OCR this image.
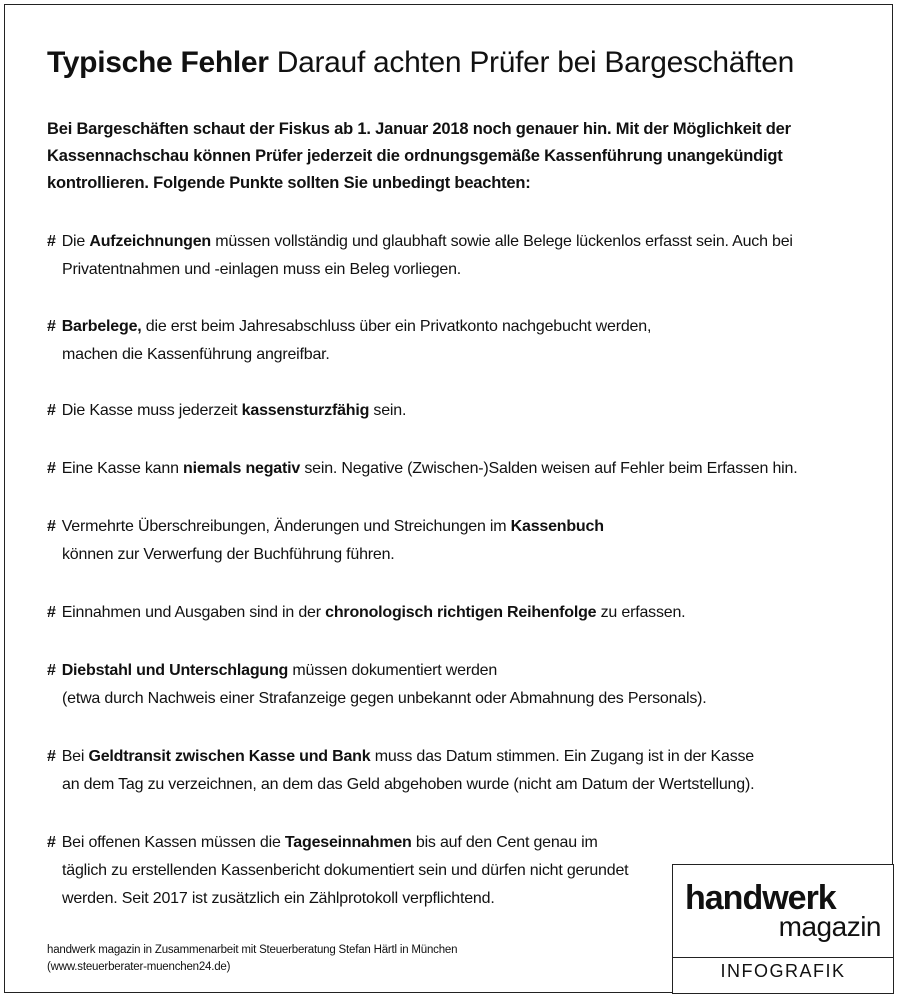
Typische Fehler Darauf achten Prüfer bei Bargeschäften
Bei Bargeschäften schaut der Fiskus ab 1. Januar 2018 noch genauer hin. Mit der Möglichkeit der
Kassennachschau können Prüfer jederzeit die ordnungsgemäße Kassenführung unangekündigt
kontrollieren. Folgende Punkte sollten Sie unbedingt beachten:
# Die Aufzeichnungen müssen vollständig und glaubhaft sowie alle Belege lückenlos erfasst sein. Auch bei
Privatentnahmen und -einlagen muss ein Beleg vorliegen.
# Barbelege, die erst beim Jahresabschluss über ein Privatkonto nachgebucht werden,
machen die Kassenführung angreifbar.
# Die Kasse muss jederzeit kassensturzfähig sein.
# Eine Kasse kann niemals negativ sein. Negative (Zwischen-)Salden weisen auf Fehler beim Erfassen hin.
# Vermehrte Überschreibungen, Änderungen und Streichungen im Kassenbuch
können zur Verwerfung der Buchführung führen.
# Einnahmen und Ausgaben sind in der chronologisch richtigen Reihenfolge zu erfassen.
# Diebstahl und Unterschlagung müssen dokumentiert werden
(etwa durch Nachweis einer Strafanzeige gegen unbekannt oder Abmahnung des Personals).
# Bei Geldtransit zwischen Kasse und Bank muss das Datum stimmen. Ein Zugang ist in der Kasse
an dem Tag zu verzeichnen, an dem das Geld abgehoben wurde (nicht am Datum der Wertstellung).
# Bei offenen Kassen müssen die Tageseinnahmen bis auf den Cent genau im
täglich zu erstellenden Kassenbericht dokumentiert sein und dürfen nicht gerundet
werden. Seit 2017 ist zusätzlich ein Zählprotokoll verpflichtend.
handwerk magazin in Zusammenarbeit mit Steuerberatung Stefan Härtl in München
(www.steuerberater-muenchen24.de)
handwerk
magazin
INFOGRAFIK
